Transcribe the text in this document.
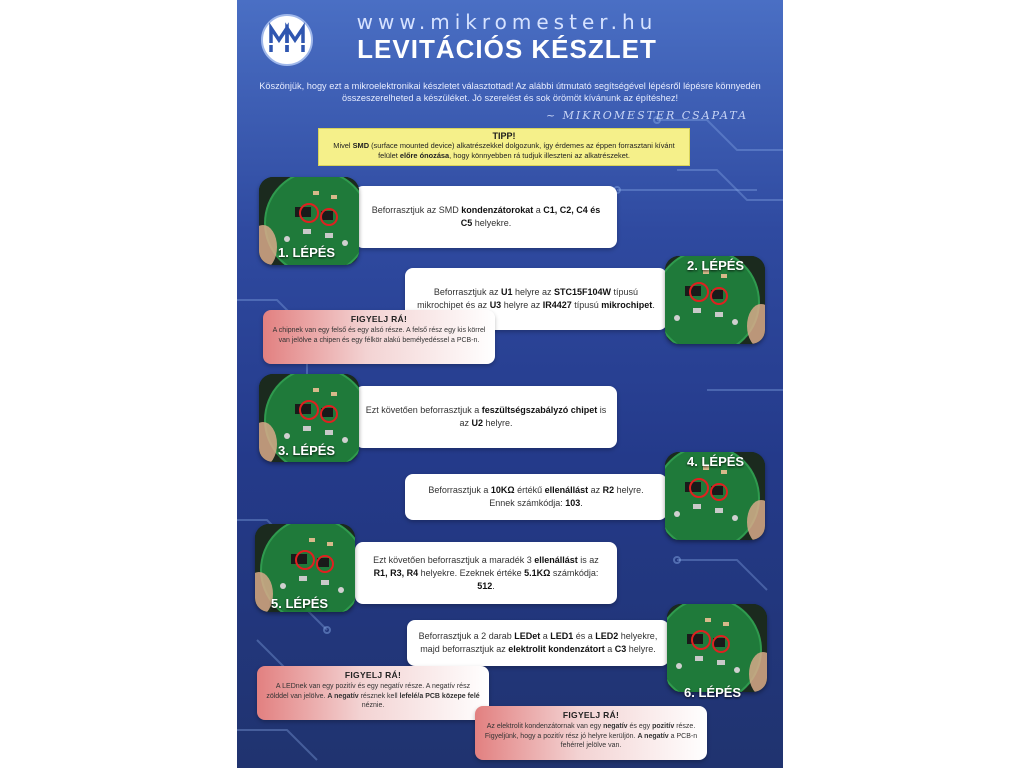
www.mikromester.hu
LEVITÁCIÓS KÉSZLET
Köszönjük, hogy ezt a mikroelektronikai készletet választottad! Az alábbi útmutató segítségével lépésről lépésre könnyedén összeszerelheted a készüléket. Jó szerelést és sok örömöt kívánunk az építéshez!
~ MIKROMESTER CSAPATA
TIPP!
Mivel SMD (surface mounted device) alkatrészekkel dolgozunk, így érdemes az éppen forrasztani kívánt felület előre ónozása, hogy könnyebben rá tudjuk illeszteni az alkatrészeket.
Beforrasztjuk az SMD kondenzátorokat a C1, C2, C4 és C5 helyekre.
1. LÉPÉS
Beforrasztjuk az U1 helyre az STC15F104W típusú mikrochipet és az U3 helyre az IR4427 típusú mikrochipet.
2. LÉPÉS
FIGYELJ RÁ!
A chipnek van egy felső és egy alsó része. A felső rész egy kis körrel van jelölve a chipen és egy félkör alakú bemélyedéssel a PCB-n.
Ezt követően beforrasztjuk a feszültségszabályzó chipet is az U2 helyre.
3. LÉPÉS
Beforrasztjuk a 10KΩ értékű ellenállást az R2 helyre. Ennek számkódja: 103.
4. LÉPÉS
Ezt követően beforrasztjuk a maradék 3 ellenállást is az R1, R3, R4 helyekre. Ezeknek értéke 5.1KΩ számkódja: 512.
5. LÉPÉS
Beforrasztjuk a 2 darab LEDet a LED1 és a LED2 helyekre, majd beforrasztjuk az elektrolit kondenzátort a C3 helyre.
6. LÉPÉS
FIGYELJ RÁ!
A LEDnek van egy pozitív és egy negatív része. A negatív rész zölddel van jelölve. A negatív résznek kell lefelé/a PCB közepe felé néznie.
FIGYELJ RÁ!
Az elektrolit kondenzátornak van egy negatív és egy pozitív része. Figyeljünk, hogy a pozitív rész jó helyre kerüljön. A negatív a PCB-n fehérrel jelölve van.
